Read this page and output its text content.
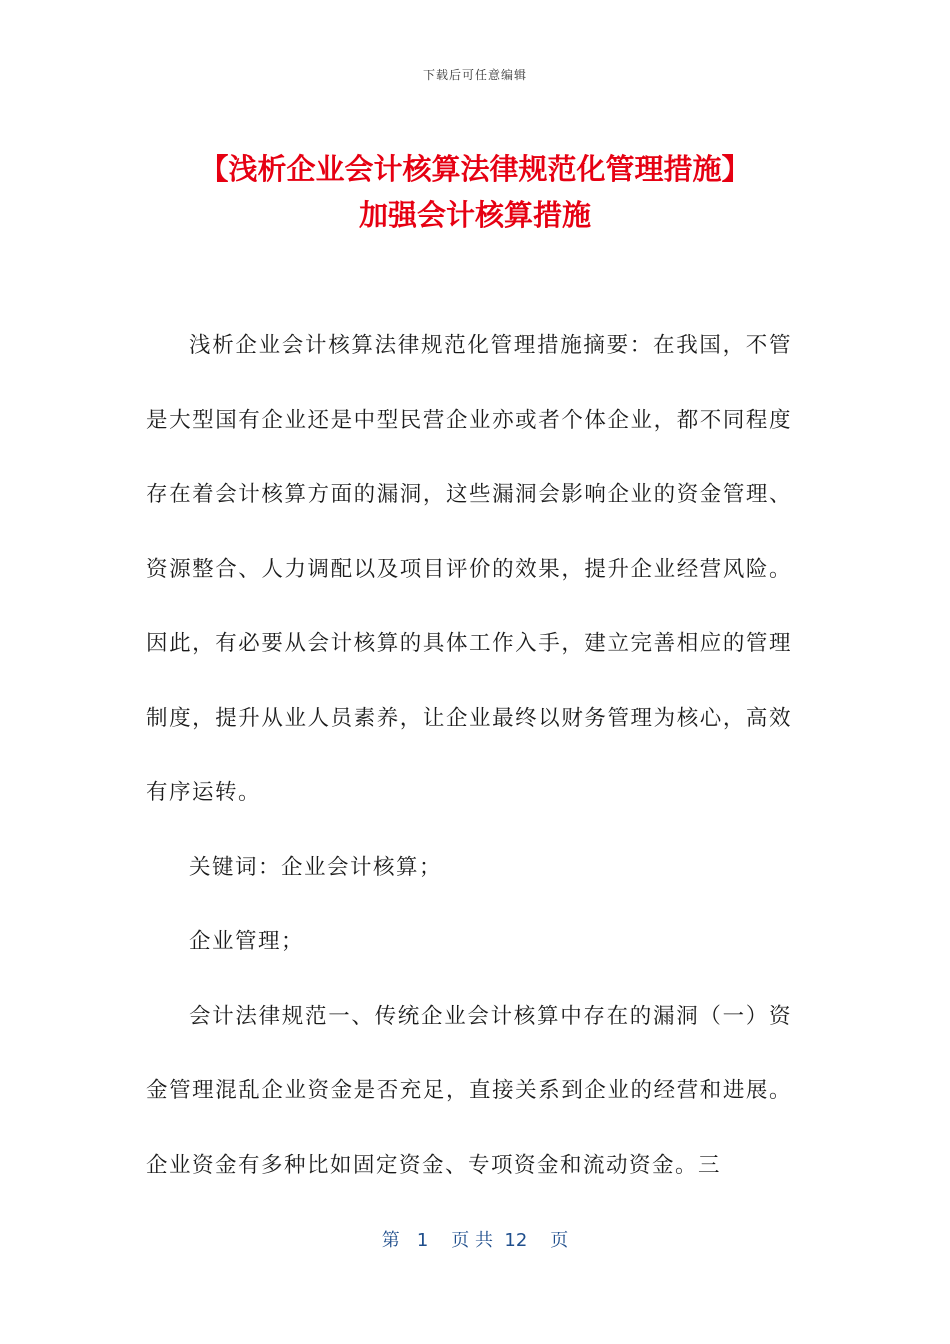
下载后可任意编辑
【浅析企业会计核算法律规范化管理措施】
加强会计核算措施

浅析企业会计核算法律规范化管理措施摘要：在我国，不管是大型国有企业还是中型民营企业亦或者个体企业，都不同程度存在着会计核算方面的漏洞，这些漏洞会影响企业的资金管理、资源整合、人力调配以及项目评价的效果，提升企业经营风险。因此，有必要从会计核算的具体工作入手，建立完善相应的管理制度，提升从业人员素养，让企业最终以财务管理为核心，高效有序运转。

关键词：企业会计核算；

企业管理；

会计法律规范一、传统企业会计核算中存在的漏洞（一）资金管理混乱企业资金是否充足，直接关系到企业的经营和进展。企业资金有多种比如固定资金、专项资金和流动资金。三

第   1    页 共  12    页
